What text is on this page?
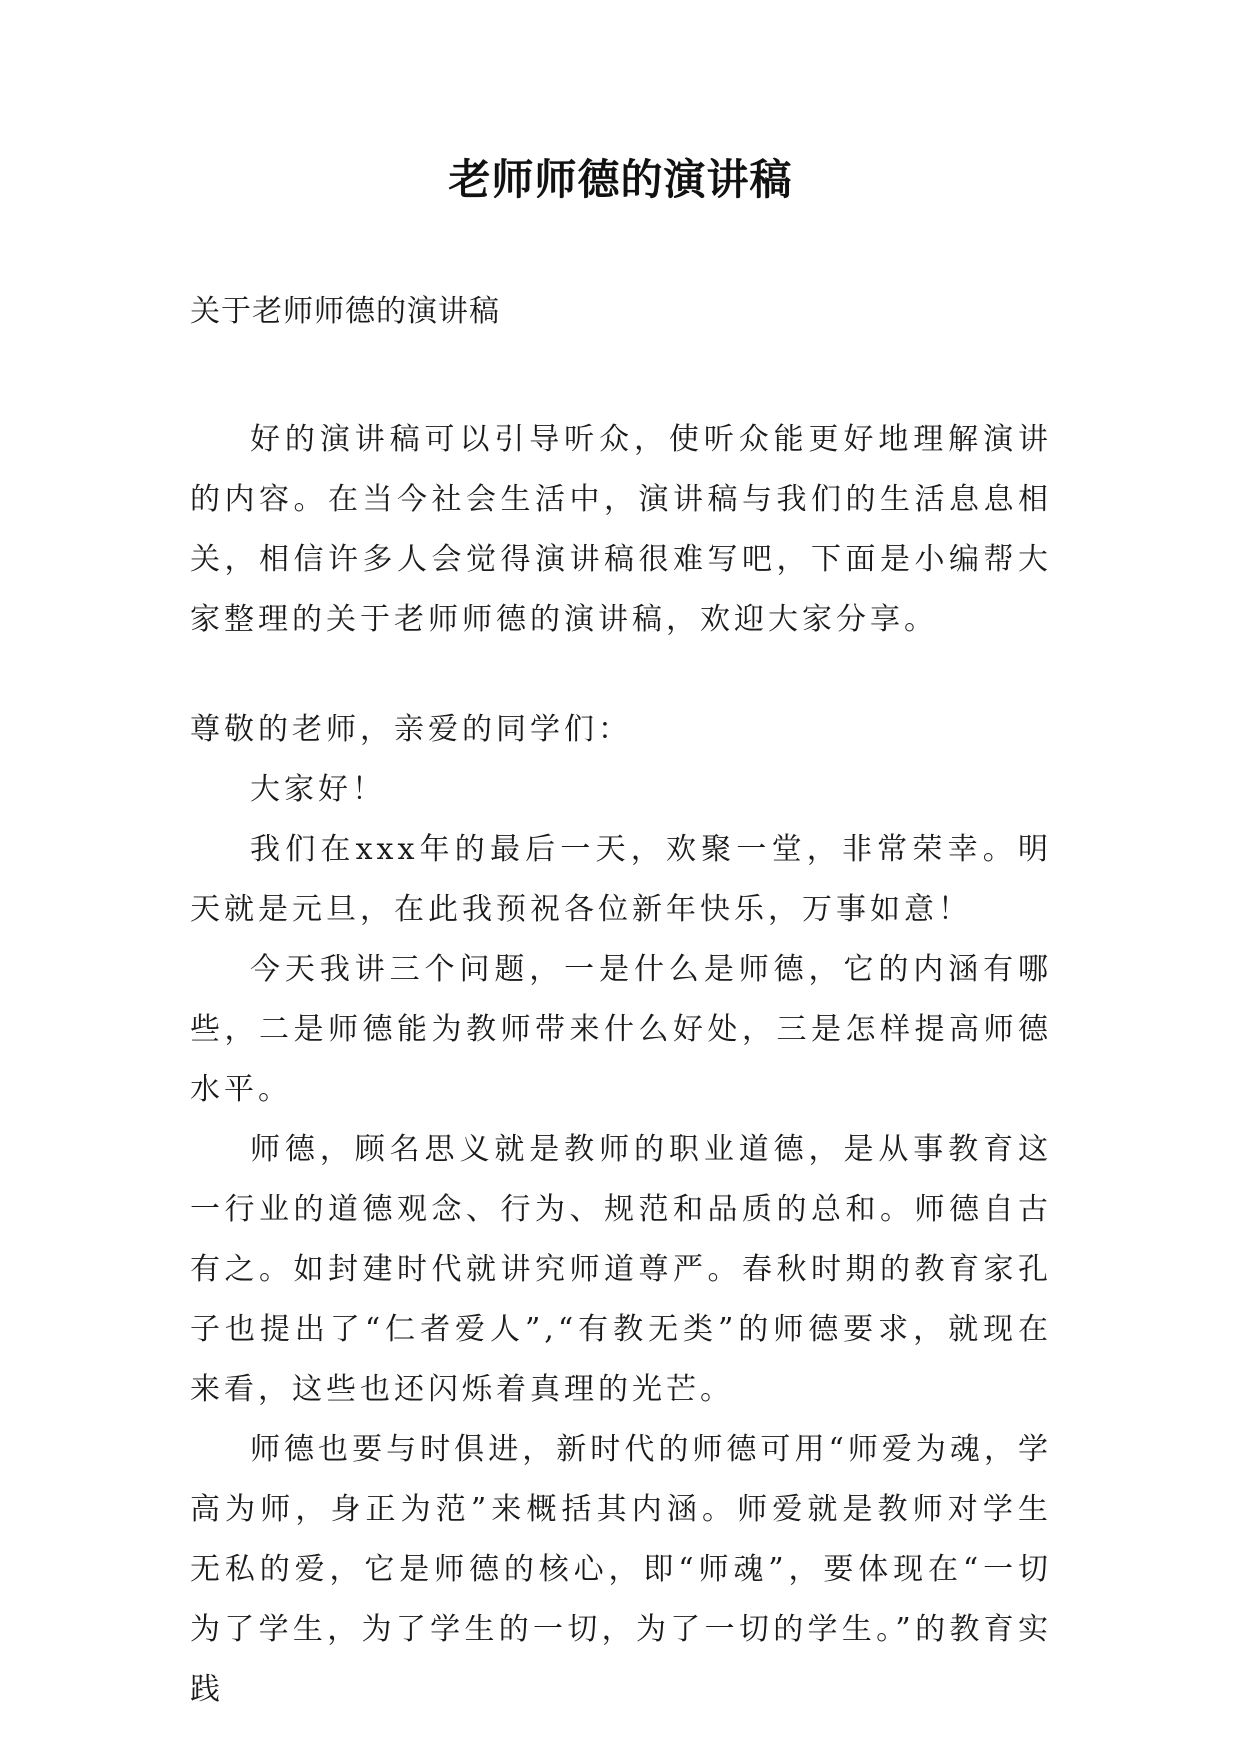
老师师德的演讲稿
关于老师师德的演讲稿

好的演讲稿可以引导听众，使听众能更好地理解演讲的内容。在当今社会生活中，演讲稿与我们的生活息息相关，相信许多人会觉得演讲稿很难写吧，下面是小编帮大家整理的关于老师师德的演讲稿，欢迎大家分享。

尊敬的老师，亲爱的同学们：

大家好！

我们在xxx年的最后一天，欢聚一堂，非常荣幸。明天就是元旦，在此我预祝各位新年快乐，万事如意！

今天我讲三个问题，一是什么是师德，它的内涵有哪些，二是师德能为教师带来什么好处，三是怎样提高师德水平。

师德，顾名思义就是教师的职业道德，是从事教育这一行业的道德观念、行为、规范和品质的总和。师德自古有之。如封建时代就讲究师道尊严。春秋时期的教育家孔子也提出了“仁者爱人”,“有教无类”的师德要求，就现在来看，这些也还闪烁着真理的光芒。

师德也要与时俱进，新时代的师德可用“师爱为魂，学高为师，身正为范”来概括其内涵。师爱就是教师对学生无私的爱，它是师德的核心，即“师魂”，要体现在“一切为了学生，为了学生的一切，为了一切的学生。”的教育实践
